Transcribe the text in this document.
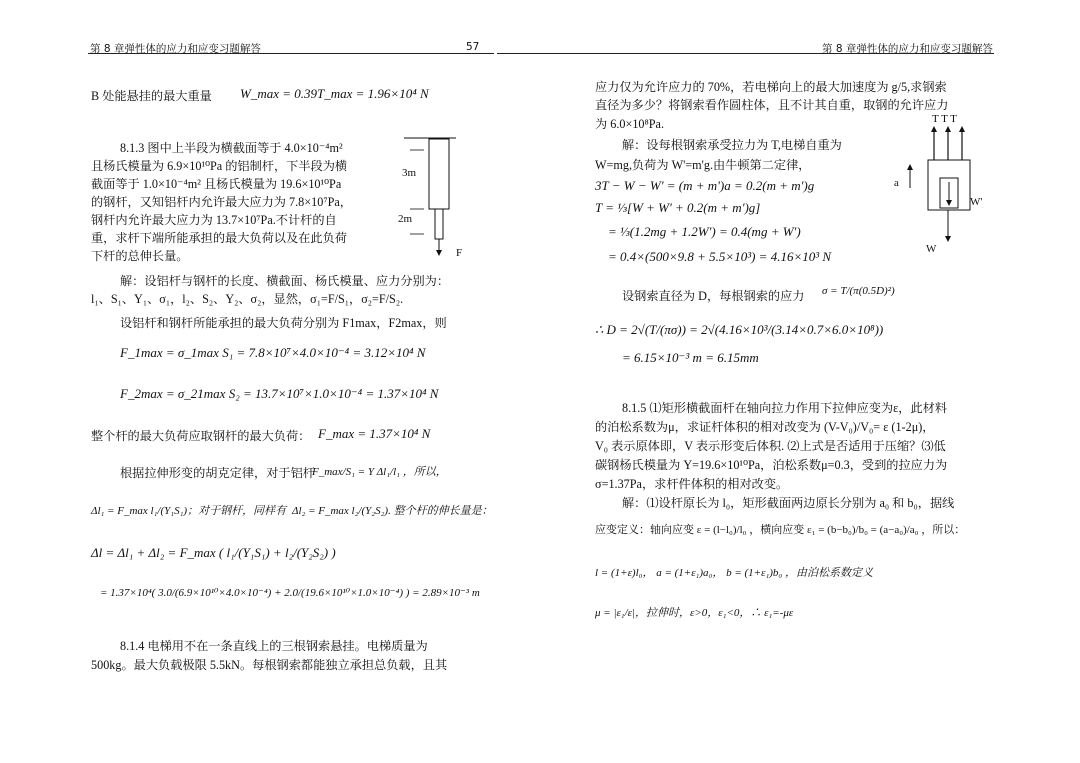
第 8 章弹性体的应力和应变习题解答	57	第 8 章弹性体的应力和应变习题解答
B 处能悬挂的最大重量 W_max = 0.39T_max = 1.96×10⁴ N
8.1.3 图中上半段为横截面等于 4.0×10⁻⁴m²
且杨氏模量为 6.9×10¹⁰Pa 的铝制杆，下半段为横
截面等于 1.0×10⁻⁴m² 且杨氏模量为 19.6×10¹⁰Pa
的钢杆，又知铝杆内允许最大应力为 7.8×10⁷Pa，
钢杆内允许最大应力为 13.7×10⁷Pa.不计杆的自
重，求杆下端所能承担的最大负荷以及在此负荷
下杆的总伸长量。
3m
2m
F
解：设铝杆与钢杆的长度、横截面、杨氏模量、应力分别为：
l₁、S₁、Y₁、σ₁，l₂、S₂、Y₂、σ₂，显然，σ₁=F/S₁，σ₂=F/S₂.
设铝杆和钢杆所能承担的最大负荷分别为 F1max，F2max，则
F_1max = σ_1max S₁ = 7.8×10⁷×4.0×10⁻⁴ = 3.12×10⁴ N
F_2max = σ_21max S₂ = 13.7×10⁷×1.0×10⁻⁴ = 1.37×10⁴ N
整个杆的最大负荷应取钢杆的最大负荷： F_max = 1.37×10⁴ N
根据拉伸形变的胡克定律，对于铝杆
F_max/S₁ = Y Δl₁/l₁ ，所以，
Δl₁ = F_max l₁/(Y₁S₁)；对于钢杆，同样有 Δl₂ = F_max l₂/(Y₂S₂). 整个杆的伸长量是：
Δl = Δl₁ + Δl₂ = F_max ( l₁/(Y₁S₁) + l₂/(Y₂S₂) )
= 1.37×10⁴( 3.0/(6.9×10¹⁰×4.0×10⁻⁴) + 2.0/(19.6×10¹⁰×1.0×10⁻⁴) ) = 2.89×10⁻³ m
8.1.4 电梯用不在一条直线上的三根钢索悬挂。电梯质量为
500kg。最大负载极限 5.5kN。每根钢索都能独立承担总负载，且其
应力仅为允许应力的 70%，若电梯向上的最大加速度为 g/5,求钢索
直径为多少？将钢索看作圆柱体，且不计其自重，取钢的允许应力
为 6.0×10⁸Pa.
解：设每根钢索承受拉力为 T,电梯自重为
W=mg,负荷为 W'=m'g.由牛顿第二定律，
3T − W − W' = (m + m')a = 0.2(m + m')g
T = ⅓[W + W' + 0.2(m + m')g]
= ⅓(1.2mg + 1.2W') = 0.4(mg + W')
= 0.4×(500×9.8 + 5.5×10³) = 4.16×10³ N
T T T
W'
a
W
设钢索直径为 D，每根钢索的应力 σ = T/(π(0.5D)²)
∴ D = 2√(T/(πσ)) = 2√(4.16×10³/(3.14×0.7×6.0×10⁸))
= 6.15×10⁻³ m = 6.15mm
8.1.5 ⑴矩形横截面杆在轴向拉力作用下拉伸应变为ε，此材料
的泊松系数为μ，求证杆体积的相对改变为 (V-V₀)/V₀= ε (1-2μ)，
V₀ 表示原体即，V 表示形变后体积. ⑵上式是否适用于压缩？⑶低
碳钢杨氏模量为 Y=19.6×10¹⁰Pa，泊松系数μ=0.3，受到的拉应力为
σ=1.37Pa，求杆件体积的相对改变。
解：⑴设杆原长为 l₀，矩形截面两边原长分别为 a₀ 和 b₀，据线
应变定义：轴向应变 ε = (l−l₀)/l₀ ，横向应变 ε₁ = (b−b₀)/b₀ = (a−a₀)/a₀ ，所以：
l = (1+ε)l₀， a = (1+ε₁)a₀， b = (1+ε₁)b₀ ，由泊松系数定义
μ = |ε₁/ε|，拉伸时，ε>0，ε₁<0，∴ ε₁=-με
